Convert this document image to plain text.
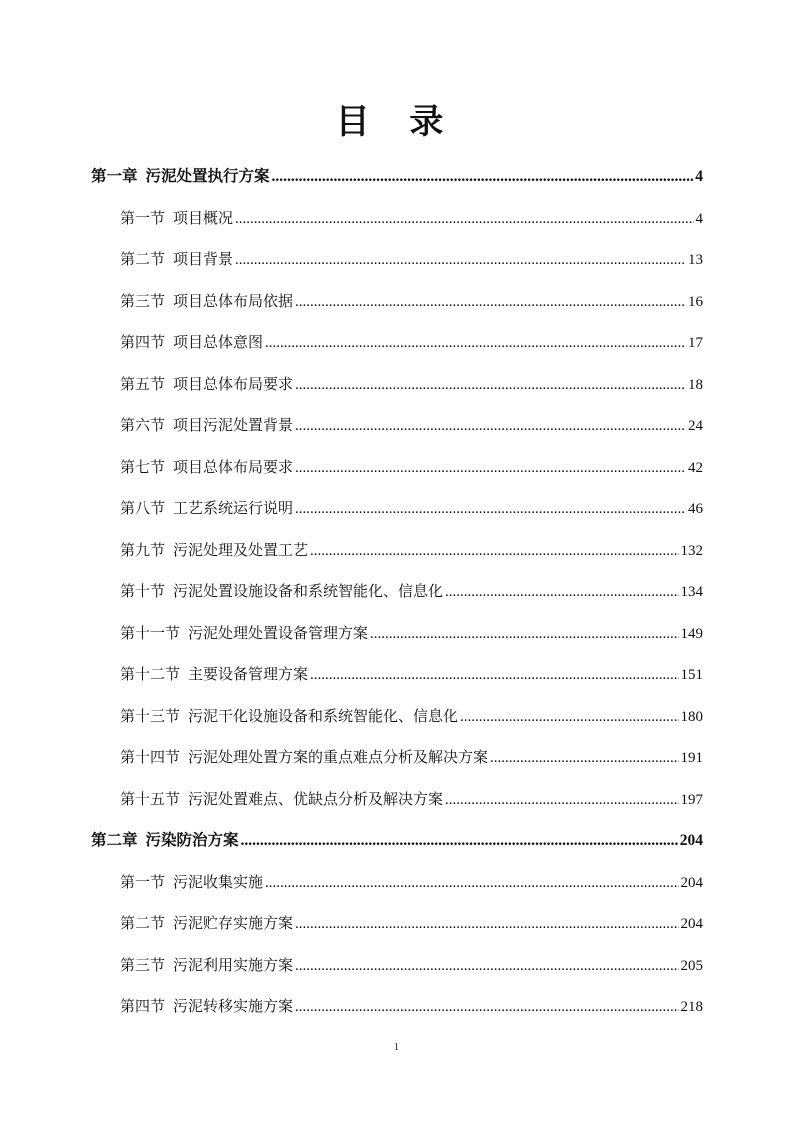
目 录
第一章 污泥处置执行方案 .....	4
第一节 项目概况 .....	4
第二节 项目背景 .....	13
第三节 项目总体布局依据 .....	16
第四节 项目总体意图 .....	17
第五节 项目总体布局要求 .....	18
第六节 项目污泥处置背景 .....	24
第七节 项目总体布局要求 .....	42
第八节 工艺系统运行说明 .....	46
第九节 污泥处理及处置工艺 .....	132
第十节 污泥处置设施设备和系统智能化、信息化 .....	134
第十一节 污泥处理处置设备管理方案 .....	149
第十二节 主要设备管理方案 .....	151
第十三节 污泥干化设施设备和系统智能化、信息化 .....	180
第十四节 污泥处理处置方案的重点难点分析及解决方案 .....	191
第十五节 污泥处置难点、优缺点分析及解决方案 .....	197
第二章 污染防治方案 .....	204
第一节 污泥收集实施 .....	204
第二节 污泥贮存实施方案 .....	204
第三节 污泥利用实施方案 .....	205
第四节 污泥转移实施方案 .....	218
1
